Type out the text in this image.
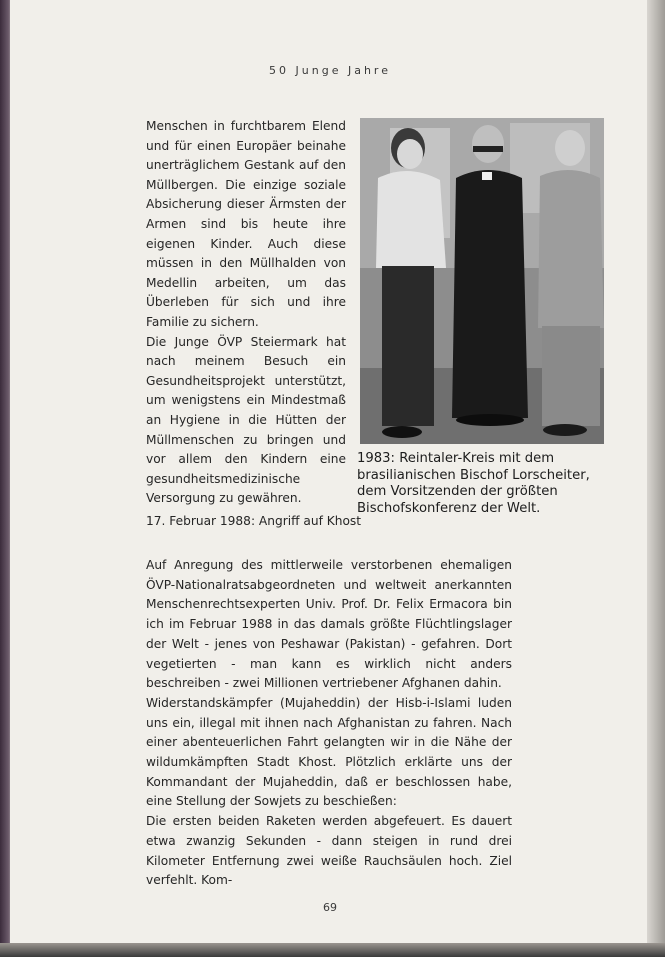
50 Junge Jahre

Menschen in furchtbarem Elend und für einen Europäer beinahe unerträglichem Gestank auf den Müllbergen. Die einzige soziale Absicherung dieser Ärmsten der Armen sind bis heute ihre eigenen Kinder. Auch diese müssen in den Müllhalden von Medellin arbeiten, um das Überleben für sich und ihre Familie zu sichern.

Die Junge ÖVP Steiermark hat nach meinem Besuch ein Gesundheitsprojekt unterstützt, um wenigstens ein Mindestmaß an Hygiene in die Hütten der Müllmenschen zu bringen und vor allem den Kindern eine gesundheitsmedizinische Versorgung zu gewähren.

1983: Reintaler-Kreis mit dem brasilianischen Bischof Lorscheiter, dem Vorsitzenden der größten Bischofskonferenz der Welt.
17. Februar 1988: Angriff auf Khost

Auf Anregung des mittlerweile verstorbenen ehemaligen ÖVP-Nationalratsabgeordneten und weltweit anerkannten Menschenrechtsexperten Univ. Prof. Dr. Felix Ermacora bin ich im Februar 1988 in das damals größte Flüchtlingslager der Welt - jenes von Peshawar (Pakistan) - gefahren. Dort vegetierten - man kann es wirklich nicht anders beschreiben - zwei Millionen vertriebener Afghanen dahin.

Widerstandskämpfer (Mujaheddin) der Hisb-i-Islami luden uns ein, illegal mit ihnen nach Afghanistan zu fahren. Nach einer abenteuerlichen Fahrt gelangten wir in die Nähe der wildumkämpften Stadt Khost. Plötzlich erklärte uns der Kommandant der Mujaheddin, daß er beschlossen habe, eine Stellung der Sowjets zu beschießen:

Die ersten beiden Raketen werden abgefeuert. Es dauert etwa zwanzig Sekunden - dann steigen in rund drei Kilometer Entfernung zwei weiße Rauchsäulen hoch. Ziel verfehlt. Kom-

69
